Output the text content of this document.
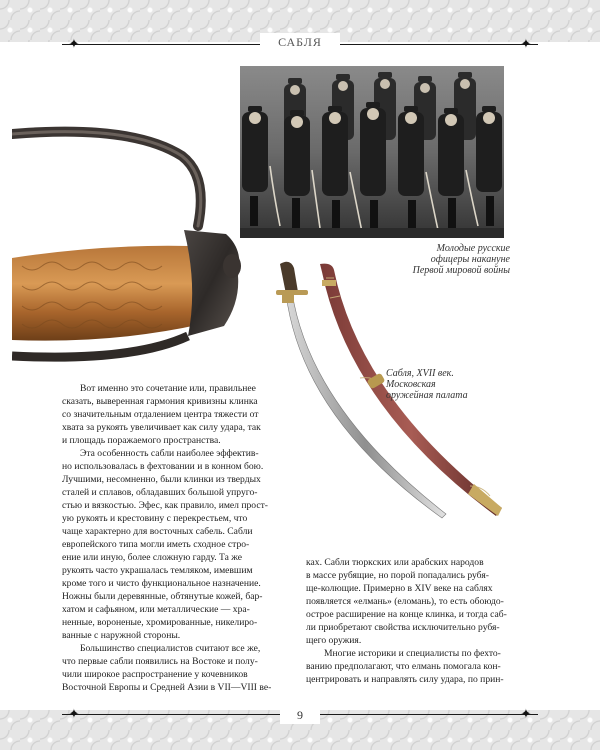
✦	✦
САБЛЯ
Молодые русские
офицеры накануне
Первой мировой войны
Сабля, XVII век.
Московская
оружейная палата
Вот именно это сочетание или, правильнее
сказать, выверенная гармония кривизны клинка
со значительным отдалением центра тяжести от
хвата за рукоять увеличивает как силу удара, так
и площадь поражаемого пространства.
Эта особенность сабли наиболее эффектив-
но использовалась в фехтовании и в конном бою.
Лучшими, несомненно, были клинки из твердых
сталей и сплавов, обладавших большой упруго-
стью и вязкостью. Эфес, как правило, имел прост-
ую рукоять и крестовину с перекрестьем, что
чаще характерно для восточных сабель. Сабли
европейского типа могли иметь сходное стро-
ение или иную, более сложную гарду. Та же
рукоять часто украшалась темляком, имевшим
кроме того и чисто функциональное назначение.
Ножны были деревянные, обтянутые кожей, бар-
хатом и сафьяном, или металлические — хра-
ненные, вороненые, хромированные, никелиро-
ванные с наружной стороны.
Большинство специалистов считают все же,
что первые сабли появились на Востоке и полу-
чили широкое распространение у кочевников
Восточной Европы и Средней Азии в VII—VIII ве-
ках. Сабли тюркских или арабских народов
в массе рубящие, но порой попадались рубя-
ще-колющие. Примерно в XIV веке на саблях
появляется «елмань» (еломань), то есть обоюдо-
острое расширение на конце клинка, и тогда саб-
ли приобретают свойства исключительно рубя-
щего оружия.
Многие историки и специалисты по фехто-
ванию предполагают, что елмань помогала кон-
центрировать и направлять силу удара, по прин-
✦	✦
9
